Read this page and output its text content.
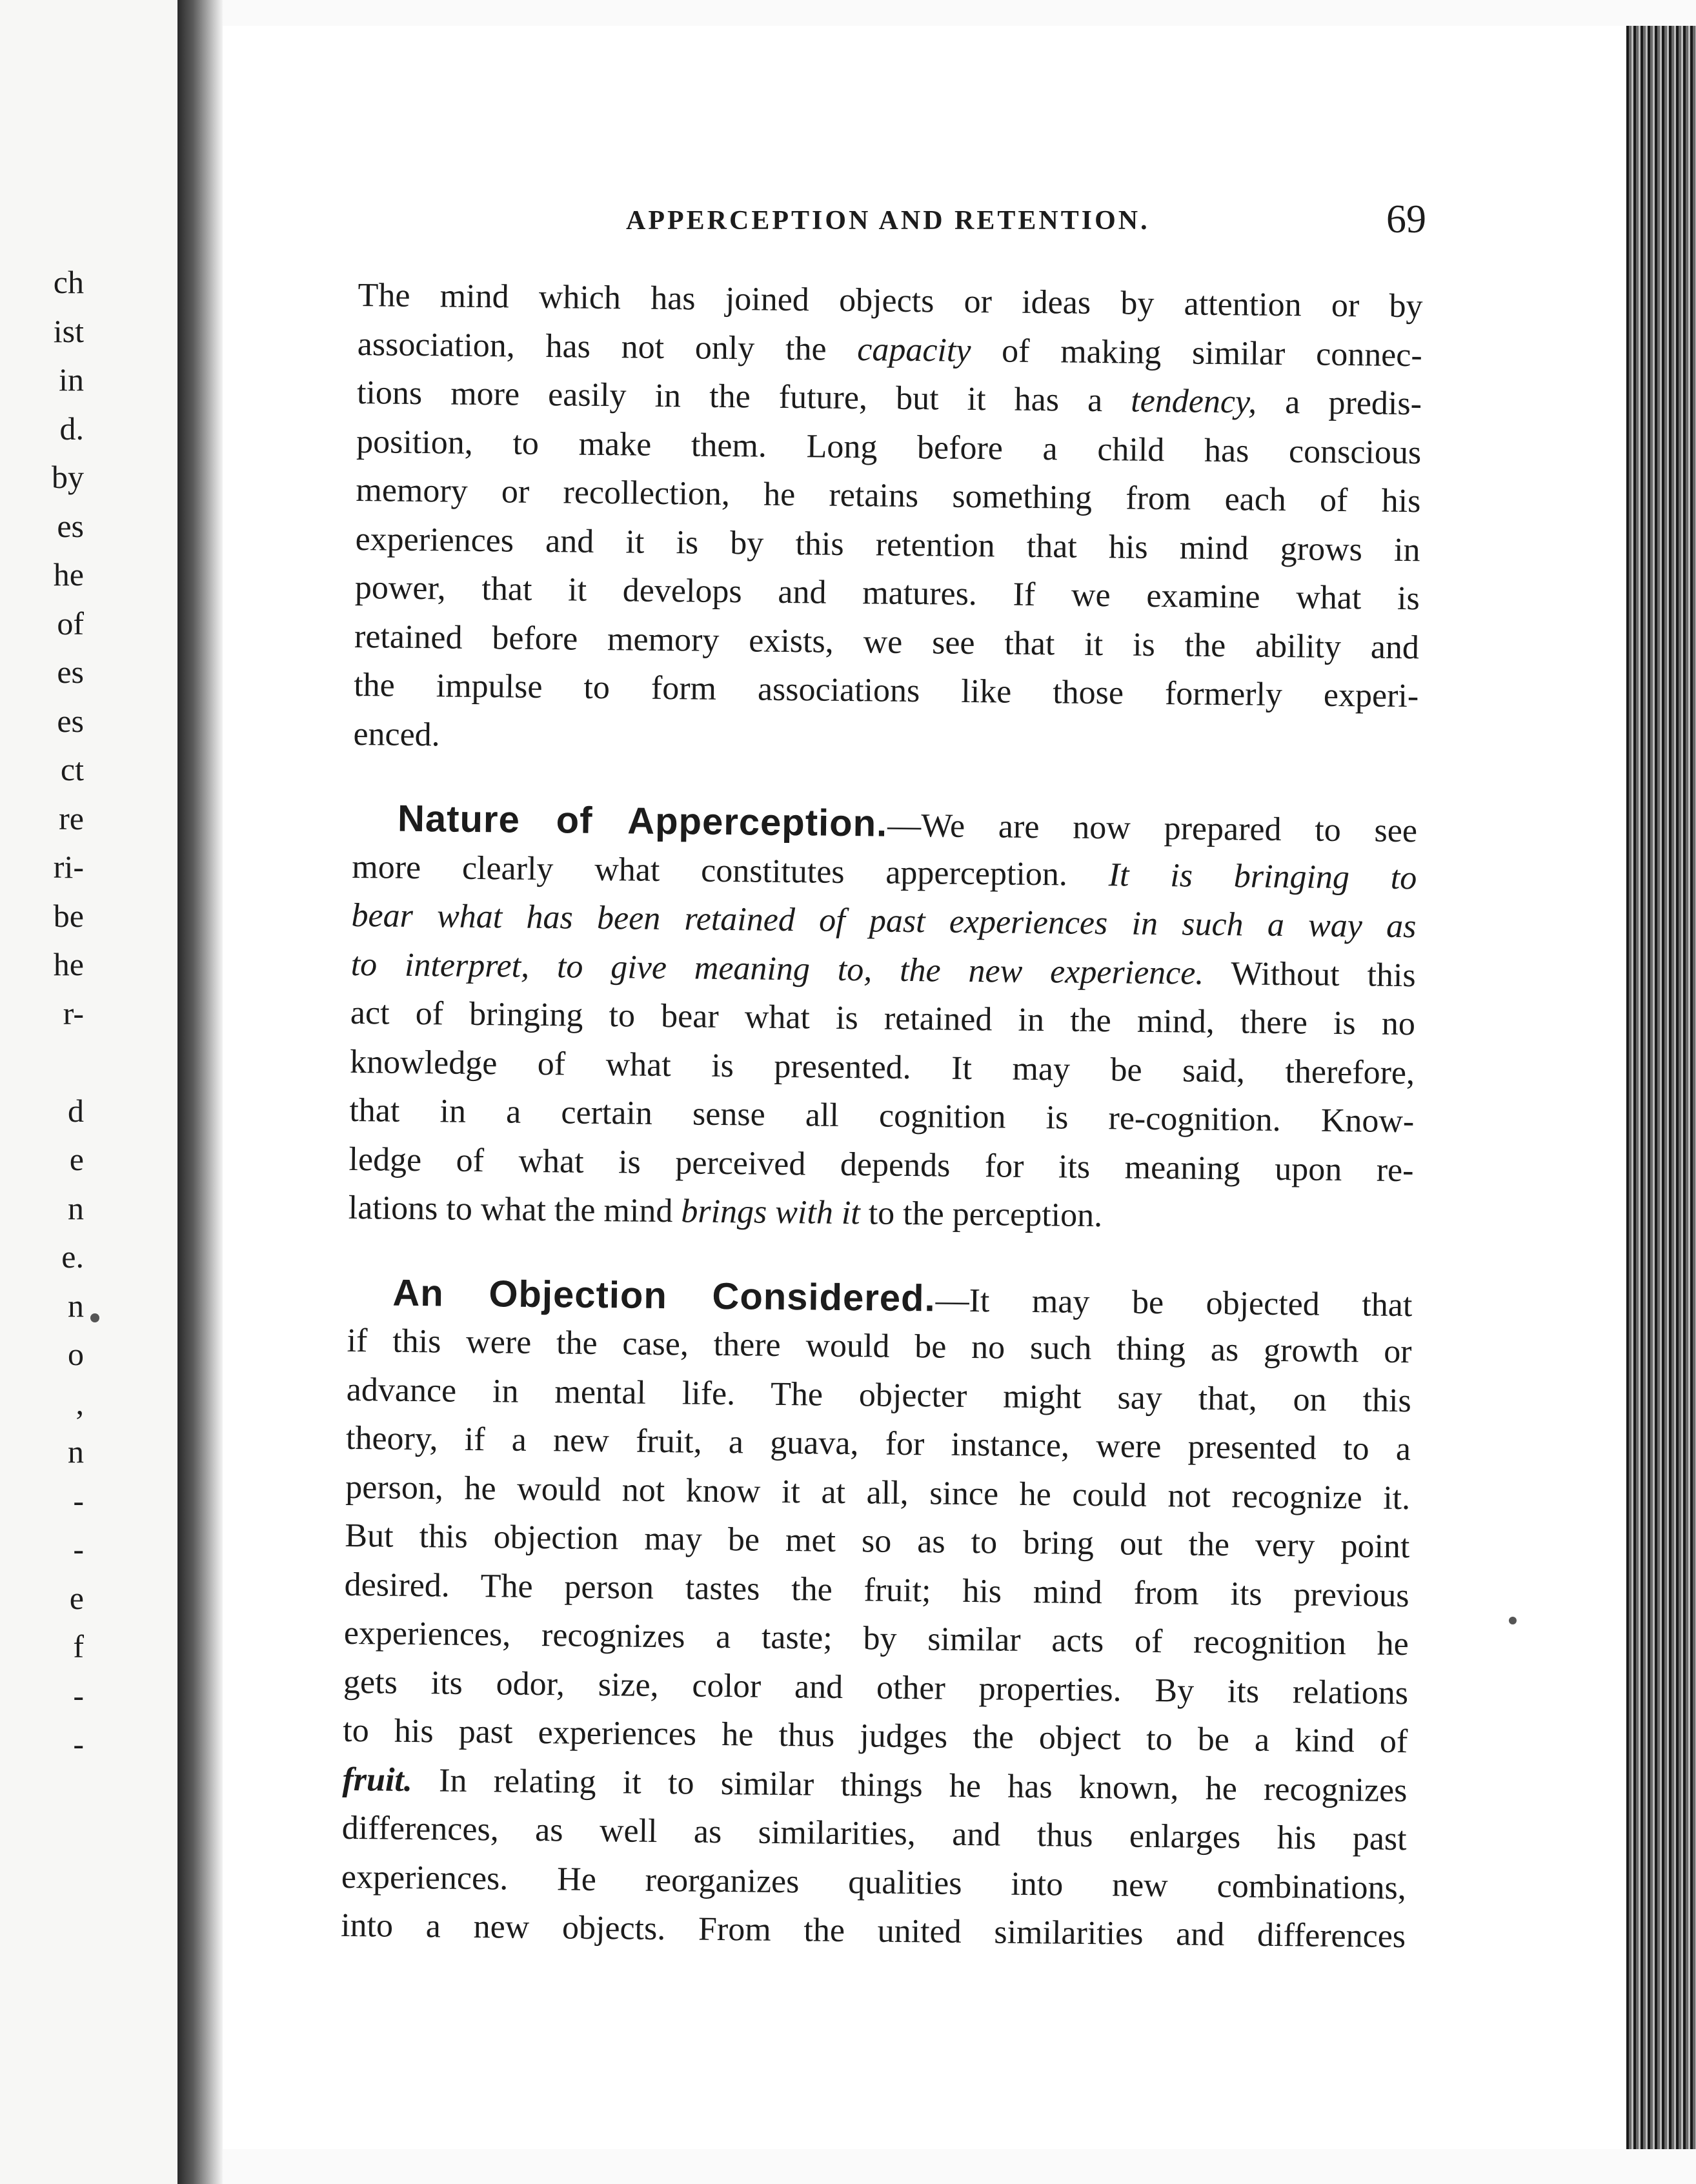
ch
ist
in
d.
by
es
he
of
es
es
ct
re
ri-
be
he
r-
d
e
n
e.
n
o
,
n
-
-
e
f
-
-
APPERCEPTION AND RETENTION.	69
The mind which has joined objects or ideas by attention or by
association, has not only the capacity of making similar connec-
tions more easily in the future, but it has a tendency, a predis-
position, to make them. Long before a child has conscious
memory or recollection, he retains something from each of his
experiences and it is by this retention that his mind grows in
power, that it develops and matures. If we examine what is
retained before memory exists, we see that it is the ability and
the impulse to form associations like those formerly experi-
enced.
Nature of Apperception.—We are now prepared to see
more clearly what constitutes apperception. It is bringing to
bear what has been retained of past experiences in such a way as
to interpret, to give meaning to, the new experience. Without this
act of bringing to bear what is retained in the mind, there is no
knowledge of what is presented. It may be said, therefore,
that in a certain sense all cognition is re-cognition. Know-
ledge of what is perceived depends for its meaning upon re-
lations to what the mind brings with it to the perception.
An Objection Considered.—It may be objected that
if this were the case, there would be no such thing as growth or
advance in mental life. The objecter might say that, on this
theory, if a new fruit, a guava, for instance, were presented to a
person, he would not know it at all, since he could not recognize it.
But this objection may be met so as to bring out the very point
desired. The person tastes the fruit; his mind from its previous
experiences, recognizes a taste; by similar acts of recognition he
gets its odor, size, color and other properties. By its relations
to his past experiences he thus judges the object to be a kind of
fruit. In relating it to similar things he has known, he recognizes
differences, as well as similarities, and thus enlarges his past
experiences. He reorganizes qualities into new combinations,
into a new objects. From the united similarities and differences
